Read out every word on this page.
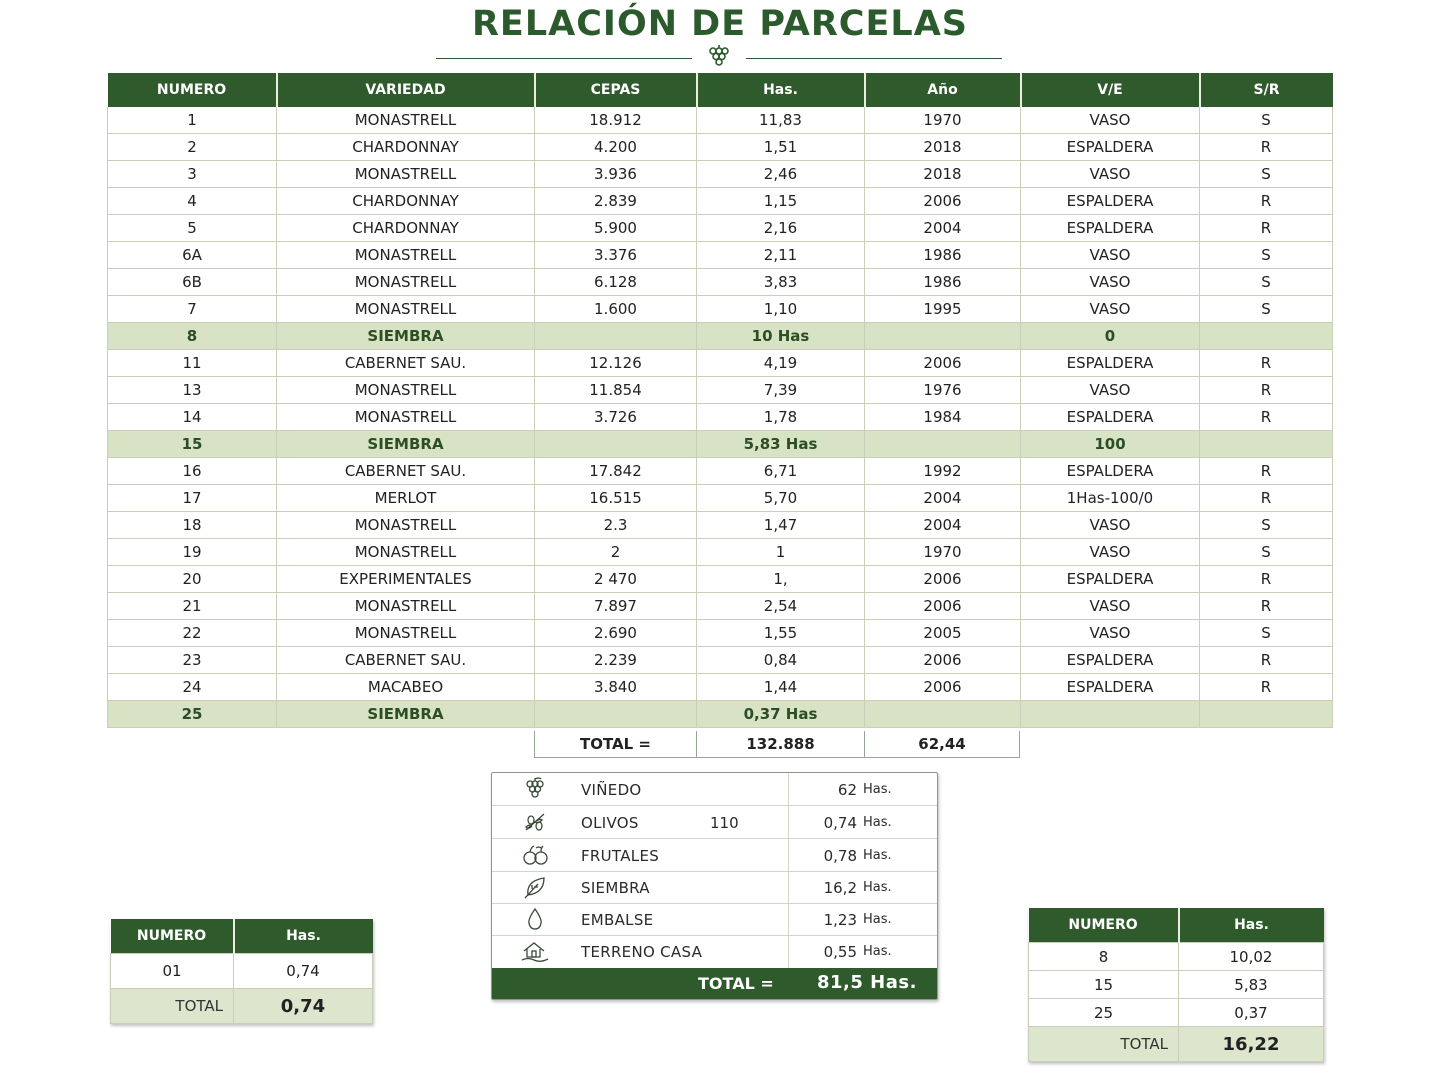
RELACIÓN DE PARCELAS
NUMERO	VARIEDAD	CEPAS	Has.	Año	V/E	S/R
1	MONASTRELL	18.912	11,83	1970	VASO	S
2	CHARDONNAY	4.200	1,51	2018	ESPALDERA	R
3	MONASTRELL	3.936	2,46	2018	VASO	S
4	CHARDONNAY	2.839	1,15	2006	ESPALDERA	R
5	CHARDONNAY	5.900	2,16	2004	ESPALDERA	R
6A	MONASTRELL	3.376	2,11	1986	VASO	S
6B	MONASTRELL	6.128	3,83	1986	VASO	S
7	MONASTRELL	1.600	1,10	1995	VASO	S
8	SIEMBRA		10 Has		0	
11	CABERNET SAU.	12.126	4,19	2006	ESPALDERA	R
13	MONASTRELL	11.854	7,39	1976	VASO	R
14	MONASTRELL	3.726	1,78	1984	ESPALDERA	R
15	SIEMBRA		5,83 Has		100	
16	CABERNET SAU.	17.842	6,71	1992	ESPALDERA	R
17	MERLOT	16.515	5,70	2004	1Has-100/0	R
18	MONASTRELL	2.3	1,47	2004	VASO	S
19	MONASTRELL	2	1	1970	VASO	S
20	EXPERIMENTALES	2 470	1,	2006	ESPALDERA	R
21	MONASTRELL	7.897	2,54	2006	VASO	R
22	MONASTRELL	2.690	1,55	2005	VASO	S
23	CABERNET SAU.	2.239	0,84	2006	ESPALDERA	R
24	MACABEO	3.840	1,44	2006	ESPALDERA	R
25	SIEMBRA		0,37 Has			
TOTAL =	132.888	62,44
NUMERO	Has.
01	0,74
TOTAL	0,74
VIÑEDO	62 Has.
OLIVOS	110	0,74 Has.
FRUTALES	0,78 Has.
SIEMBRA	16,2 Has.
EMBALSE	1,23 Has.
TERRENO CASA	0,55 Has.
TOTAL = 81,5 Has.
NUMERO	Has.
8	10,02
15	5,83
25	0,37
TOTAL	16,22
